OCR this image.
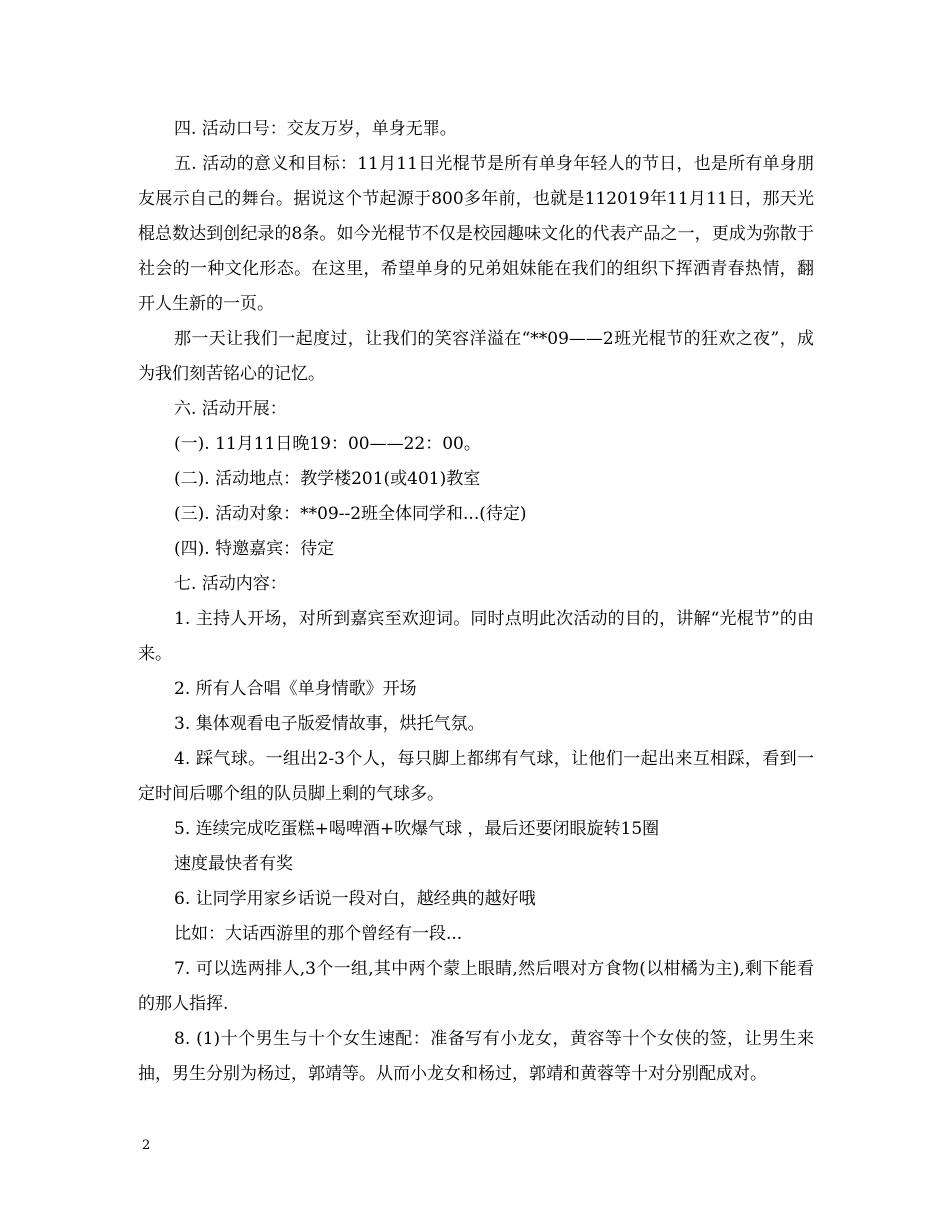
四. 活动口号：交友万岁，单身无罪。

五. 活动的意义和目标：11月11日光棍节是所有单身年轻人的节日，也是所有单身朋友展示自己的舞台。据说这个节起源于800多年前，也就是112019年11月11日，那天光棍总数达到创纪录的8条。如今光棍节不仅是校园趣味文化的代表产品之一，更成为弥散于社会的一种文化形态。在这里，希望单身的兄弟姐妹能在我们的组织下挥洒青春热情，翻开人生新的一页。

那一天让我们一起度过，让我们的笑容洋溢在“**09——2班光棍节的狂欢之夜”，成为我们刻苦铭心的记忆。

六. 活动开展：

(一). 11月11日晚19：00——22：00。

(二). 活动地点：教学楼201(或401)教室

(三). 活动对象：**09--2班全体同学和...(待定)

(四). 特邀嘉宾：待定

七. 活动内容：

1. 主持人开场，对所到嘉宾至欢迎词。同时点明此次活动的目的，讲解“光棍节”的由来。

2. 所有人合唱《单身情歌》开场

3. 集体观看电子版爱情故事，烘托气氛。

4. 踩气球。一组出2-3个人，每只脚上都绑有气球，让他们一起出来互相踩，看到一定时间后哪个组的队员脚上剩的气球多。

5. 连续完成吃蛋糕+喝啤酒+吹爆气球 ，最后还要闭眼旋转15圈

速度最快者有奖

6. 让同学用家乡话说一段对白，越经典的越好哦

比如：大话西游里的那个曾经有一段...

7. 可以选两排人,3个一组,其中两个蒙上眼睛,然后喂对方食物(以柑橘为主),剩下能看的那人指挥.

8. (1)十个男生与十个女生速配：准备写有小龙女，黄容等十个女侠的签，让男生来抽，男生分别为杨过，郭靖等。从而小龙女和杨过，郭靖和黄蓉等十对分别配成对。

2
